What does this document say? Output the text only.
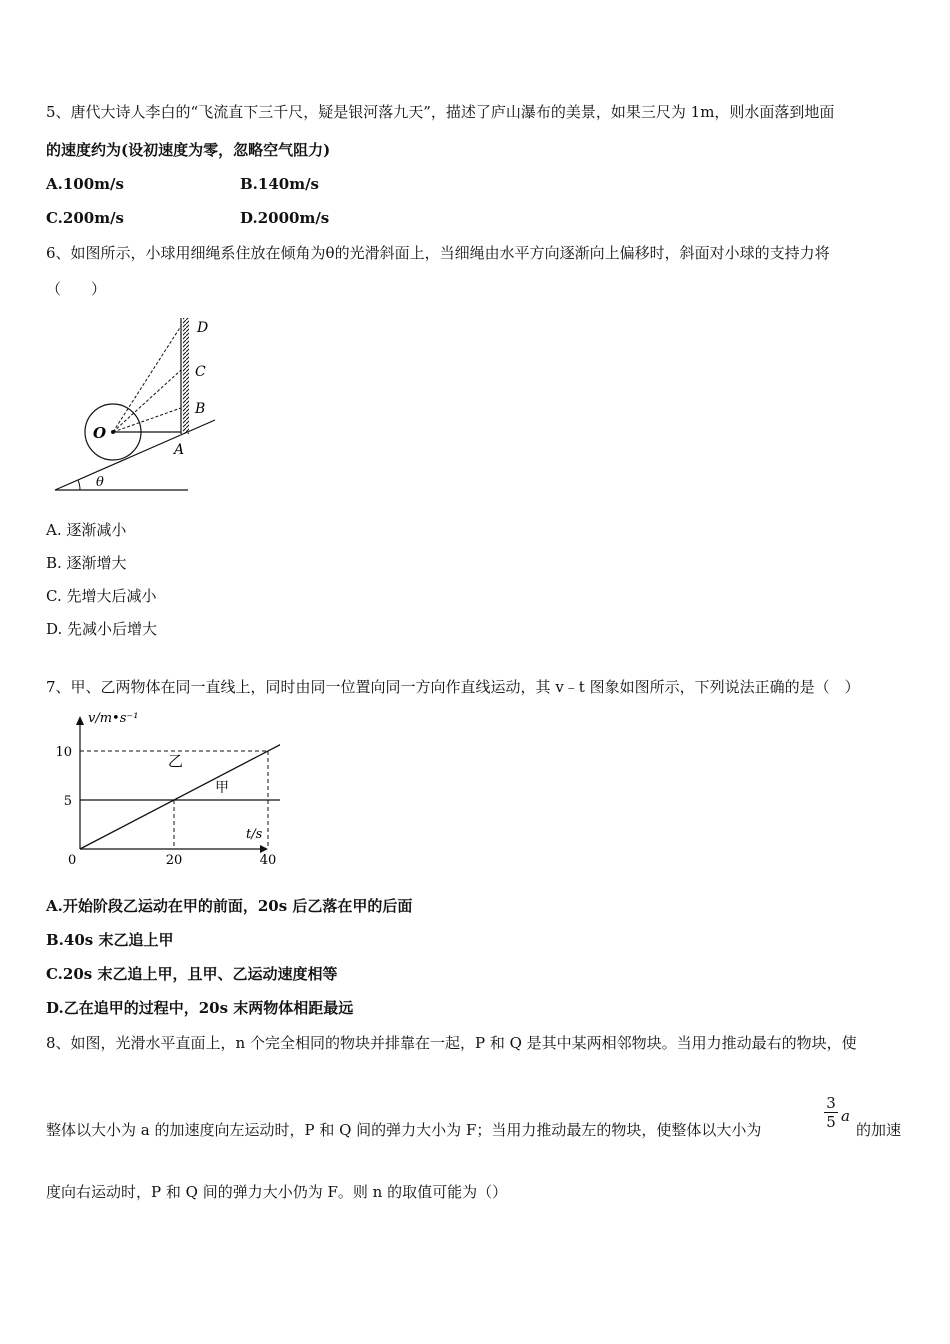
5、唐代大诗人李白的“飞流直下三千尺，疑是银河落九天”，描述了庐山瀑布的美景，如果三尺为 1m，则水面落到地面
的速度约为(设初速度为零，忽略空气阻力)
A.100m/s	B.140m/s
C.200m/s	D.2000m/s
6、如图所示，小球用细绳系住放在倾角为θ的光滑斜面上，当细绳由水平方向逐渐向上偏移时，斜面对小球的支持力将
（　　）
O
A
B
C
D
θ
A. 逐渐减小
B. 逐渐增大
C. 先增大后减小
D. 先减小后增大
7、甲、乙两物体在同一直线上，同时由同一位置向同一方向作直线运动，其 v﹣t 图象如图所示，下列说法正确的是（　）
0	20	40
5
10
v/m•s⁻¹
t/s
甲
乙
A.开始阶段乙运动在甲的前面，20s 后乙落在甲的后面
B.40s 末乙追上甲
C.20s 末乙追上甲，且甲、乙运动速度相等
D.乙在追甲的过程中，20s 末两物体相距最远
8、如图，光滑水平直面上，n 个完全相同的物块并排靠在一起，P 和 Q 是其中某两相邻物块。当用力推动最右的物块，使
整体以大小为 a 的加速度向左运动时，P 和 Q 间的弹力大小为 F；当用力推动最左的物块，使整体以大小为
3
5 a
的加速
度向右运动时，P 和 Q 间的弹力大小仍为 F。则 n 的取值可能为（）
